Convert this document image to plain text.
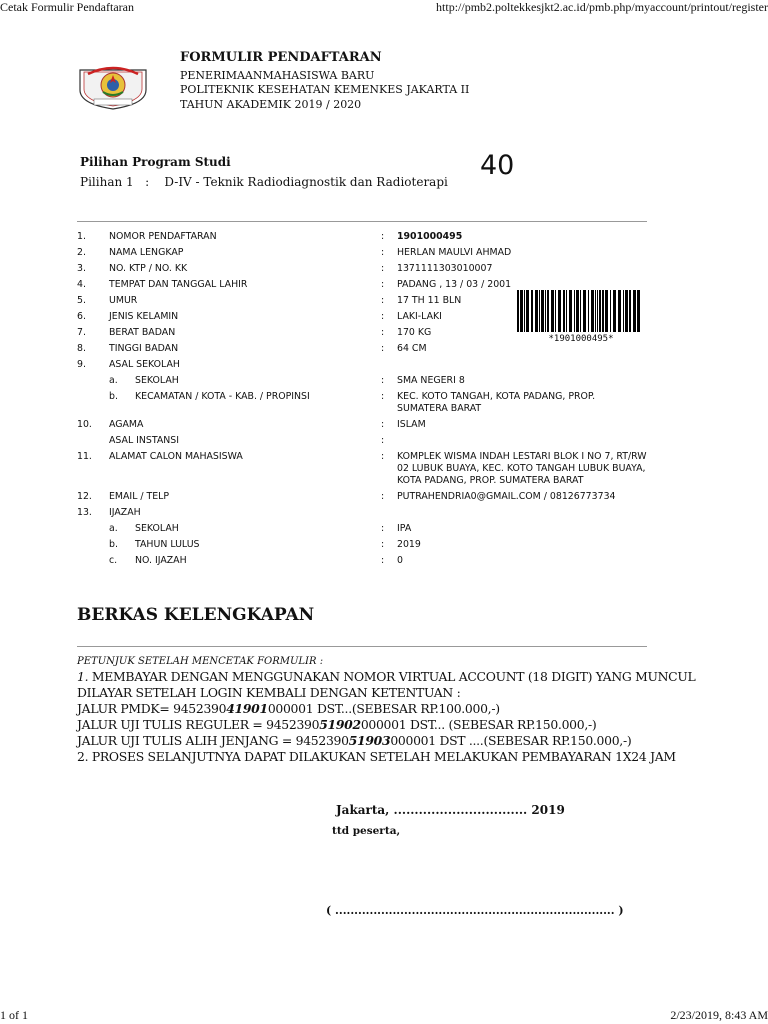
Cetak Formulir Pendaftaran	http://pmb2.poltekkesjkt2.ac.id/pmb.php/myaccount/printout/register
FORMULIR PENDAFTARAN
PENERIMAANMAHASISWA BARU
POLITEKNIK KESEHATAN KEMENKES JAKARTA II
TAHUN AKADEMIK 2019 / 2020
Pilihan Program Studi
Pilihan 1 : D-IV - Teknik Radiodiagnostik dan Radioterapi
40
1.	NOMOR PENDAFTARAN	:	1901000495
2.	NAMA LENGKAP	:	HERLAN MAULVI AHMAD
3.	NO. KTP / NO. KK	:	1371111303010007
4.	TEMPAT DAN TANGGAL LAHIR	:	PADANG , 13 / 03 / 2001
5.	UMUR	:	17 TH 11 BLN
6.	JENIS KELAMIN	:	LAKI-LAKI
7.	BERAT BADAN	:	170 KG
8.	TINGGI BADAN	:	64 CM
9.	ASAL SEKOLAH		
	a. SEKOLAH	:	SMA NEGERI 8
	b. KECAMATAN / KOTA - KAB. / PROPINSI	:	KEC. KOTO TANGAH, KOTA PADANG, PROP. SUMATERA BARAT
10.	AGAMA	:	ISLAM
	ASAL INSTANSI	:	
11.	ALAMAT CALON MAHASISWA	:	KOMPLEK WISMA INDAH LESTARI BLOK I NO 7, RT/RW 02 LUBUK BUAYA, KEC. KOTO TANGAH LUBUK BUAYA, KOTA PADANG, PROP. SUMATERA BARAT
12.	EMAIL / TELP	:	PUTRAHENDRIA0@GMAIL.COM / 08126773734
13.	IJAZAH		
	a. SEKOLAH	:	IPA
	b. TAHUN LULUS	:	2019
	c. NO. IJAZAH	:	0
*1901000495*
BERKAS KELENGKAPAN
PETUNJUK SETELAH MENCETAK FORMULIR :
1. MEMBAYAR DENGAN MENGGUNAKAN NOMOR VIRTUAL ACCOUNT (18 DIGIT) YANG MUNCUL
DILAYAR SETELAH LOGIN KEMBALI DENGAN KETENTUAN :
JALUR PMDK= 945239041901000001 DST...(SEBESAR RP.100.000,-)
JALUR UJI TULIS REGULER = 945239051902000001 DST... (SEBESAR RP.150.000,-)
JALUR UJI TULIS ALIH JENJANG = 945239051903000001 DST ....(SEBESAR RP.150.000,-)
2. PROSES SELANJUTNYA DAPAT DILAKUKAN SETELAH MELAKUKAN PEMBAYARAN 1X24 JAM
Jakarta, ................................ 2019
ttd peserta,
( ......................................................................... )
1 of 1	2/23/2019, 8:43 AM
